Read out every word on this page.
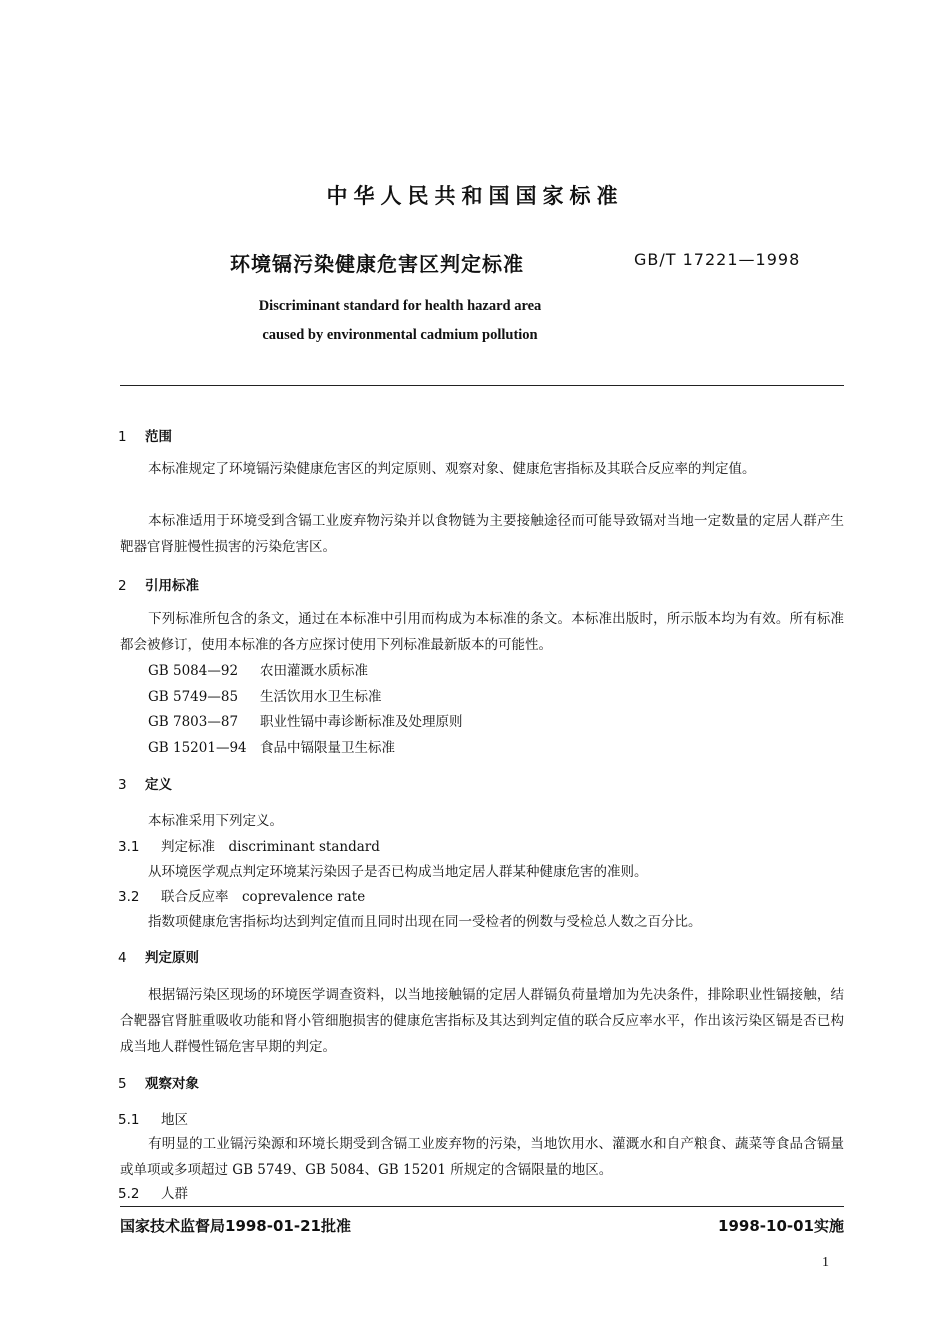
中华人民共和国国家标准
环境镉污染健康危害区判定标准	GB/T 17221—1998
Discriminant standard for health hazard area
caused by environmental cadmium pollution
1 范围
本标准规定了环境镉污染健康危害区的判定原则、观察对象、健康危害指标及其联合反应率的判定值。
本标准适用于环境受到含镉工业废弃物污染并以食物链为主要接触途径而可能导致镉对当地一定数量的定居人群产生靶器官肾脏慢性损害的污染危害区。
2 引用标准
下列标准所包含的条文，通过在本标准中引用而构成为本标准的条文。本标准出版时，所示版本均为有效。所有标准都会被修订，使用本标准的各方应探讨使用下列标准最新版本的可能性。
GB 5084—92 农田灌溉水质标准
GB 5749—85 生活饮用水卫生标准
GB 7803—87 职业性镉中毒诊断标准及处理原则
GB 15201—94 食品中镉限量卫生标准
3 定义
本标准采用下列定义。
3.1 判定标准　discriminant standard
从环境医学观点判定环境某污染因子是否已构成当地定居人群某种健康危害的准则。
3.2 联合反应率　coprevalence rate
指数项健康危害指标均达到判定值而且同时出现在同一受检者的例数与受检总人数之百分比。
4 判定原则
根据镉污染区现场的环境医学调查资料，以当地接触镉的定居人群镉负荷量增加为先决条件，排除职业性镉接触，结合靶器官肾脏重吸收功能和肾小管细胞损害的健康危害指标及其达到判定值的联合反应率水平，作出该污染区镉是否已构成当地人群慢性镉危害早期的判定。
5 观察对象
5.1 地区
有明显的工业镉污染源和环境长期受到含镉工业废弃物的污染，当地饮用水、灌溉水和自产粮食、蔬菜等食品含镉量或单项或多项超过 GB 5749、GB 5084、GB 15201 所规定的含镉限量的地区。
5.2 人群
国家技术监督局1998-01-21批准	1998-10-01实施
1
